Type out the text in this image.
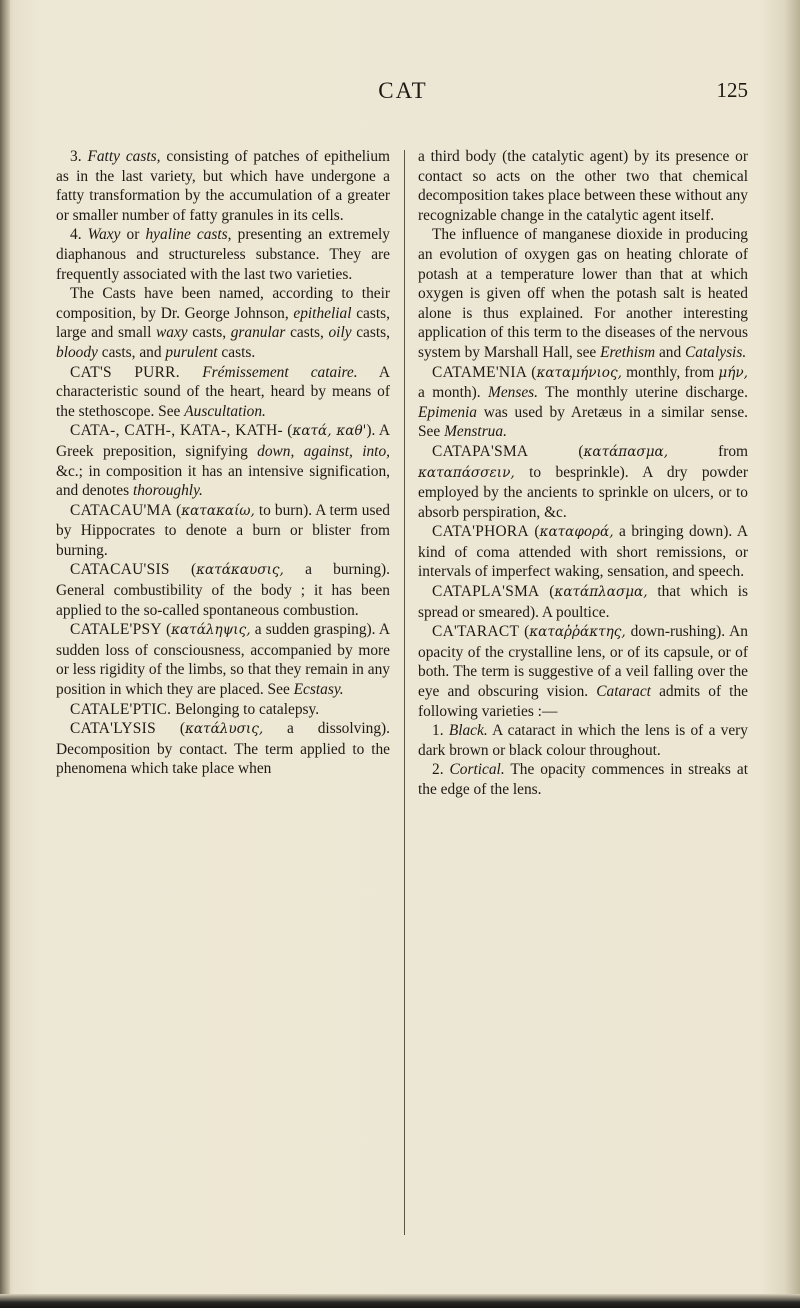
CAT	125

3. Fatty casts, consisting of patches of epithelium as in the last variety, but which have undergone a fatty transformation by the accumulation of a greater or smaller number of fatty granules in its cells.

4. Waxy or hyaline casts, presenting an extremely diaphanous and structureless substance. They are frequently associated with the last two varieties.

The Casts have been named, according to their composition, by Dr. George Johnson, epithelial casts, large and small waxy casts, granular casts, oily casts, bloody casts, and purulent casts.

CAT'S PURR. Frémissement cataire. A characteristic sound of the heart, heard by means of the stethoscope. See Auscultation.

CATA-, CATH-, KATA-, KATH- (κατά, καθ'). A Greek preposition, signifying down, against, into, &c.; in composition it has an intensive signification, and denotes thoroughly.

CATACAU'MA (κατακαίω, to burn). A term used by Hippocrates to denote a burn or blister from burning.

CATACAU'SIS (κατάκαυσις, a burning). General combustibility of the body ; it has been applied to the so-called spontaneous combustion.

CATALE'PSY (κατάληψις, a sudden grasping). A sudden loss of consciousness, accompanied by more or less rigidity of the limbs, so that they remain in any position in which they are placed. See Ecstasy.

CATALE'PTIC. Belonging to catalepsy.

CATA'LYSIS (κατάλυσις, a dissolving). Decomposition by contact. The term applied to the phenomena which take place when

a third body (the catalytic agent) by its presence or contact so acts on the other two that chemical decomposition takes place between these without any recognizable change in the catalytic agent itself.

The influence of manganese dioxide in producing an evolution of oxygen gas on heating chlorate of potash at a temperature lower than that at which oxygen is given off when the potash salt is heated alone is thus explained. For another interesting application of this term to the diseases of the nervous system by Marshall Hall, see Erethism and Catalysis.

CATAME'NIA (καταμήνιος, monthly, from μήν, a month). Menses. The monthly uterine discharge. Epimenia was used by Aretæus in a similar sense. See Menstrua.

CATAPA'SMA (κατάπασμα, from καταπάσσειν, to besprinkle). A dry powder employed by the ancients to sprinkle on ulcers, or to absorb perspiration, &c.

CATA'PHORA (καταφορά, a bringing down). A kind of coma attended with short remissions, or intervals of imperfect waking, sensation, and speech.

CATAPLA'SMA (κατάπλασμα, that which is spread or smeared). A poultice.

CA'TARACT (καταῤῥάκτης, down-rushing). An opacity of the crystalline lens, or of its capsule, or of both. The term is suggestive of a veil falling over the eye and obscuring vision. Cataract admits of the following varieties :—

1. Black. A cataract in which the lens is of a very dark brown or black colour throughout.

2. Cortical. The opacity commences in streaks at the edge of the lens.
